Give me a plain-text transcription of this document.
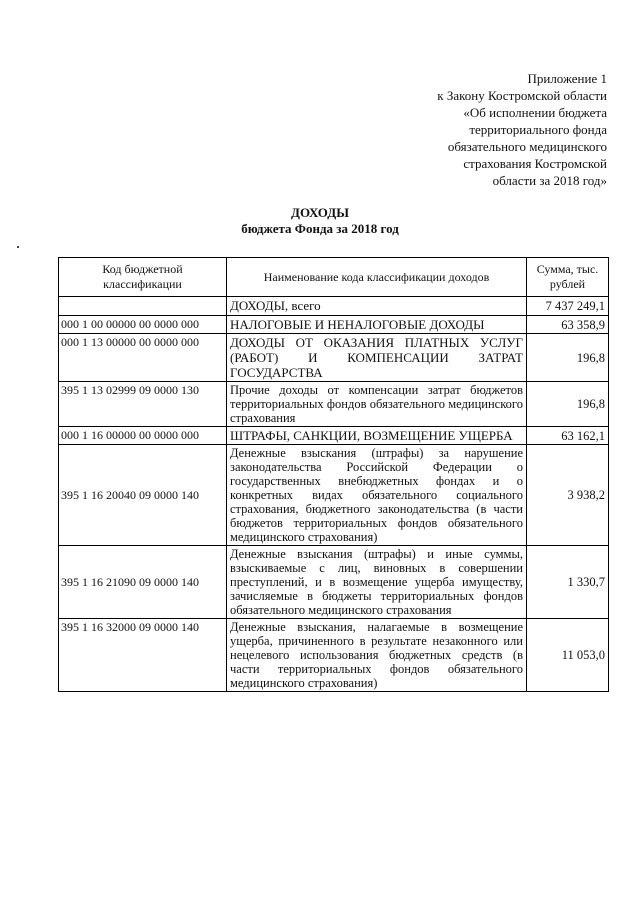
Приложение 1
к Закону Костромской области
«Об исполнении бюджета
территориального фонда
обязательного медицинского
страхования Костромской
области за 2018 год»
ДОХОДЫ
бюджета Фонда за 2018 год
Код бюджетной классификации	Наименование кода классификации доходов	Сумма, тыс. рублей
	ДОХОДЫ, всего	7 437 249,1
000 1 00 00000 00 0000 000	НАЛОГОВЫЕ И НЕНАЛОГОВЫЕ ДОХОДЫ	63 358,9
000 1 13 00000 00 0000 000	ДОХОДЫ ОТ ОКАЗАНИЯ ПЛАТНЫХ УСЛУГ (РАБОТ) И КОМПЕНСАЦИИ ЗАТРАТ ГОСУДАРСТВА	196,8
395 1 13 02999 09 0000 130	Прочие доходы от компенсации затрат бюджетов территориальных фондов обязательного медицинского страхования	196,8
000 1 16 00000 00 0000 000	ШТРАФЫ, САНКЦИИ, ВОЗМЕЩЕНИЕ УЩЕРБА	63 162,1
395 1 16 20040 09 0000 140	Денежные взыскания (штрафы) за нарушение законодательства Российской Федерации о государственных внебюджетных фондах и о конкретных видах обязательного социального страхования, бюджетного законодательства (в части бюджетов территориальных фондов обязательного медицинского страхования)	3 938,2
395 1 16 21090 09 0000 140	Денежные взыскания (штрафы) и иные суммы, взыскиваемые с лиц, виновных в совершении преступлений, и в возмещение ущерба имуществу, зачисляемые в бюджеты территориальных фондов обязательного медицинского страхования	1 330,7
395 1 16 32000 09 0000 140	Денежные взыскания, налагаемые в возмещение ущерба, причиненного в результате незаконного или нецелевого использования бюджетных средств (в части территориальных фондов обязательного медицинского страхования)	11 053,0
